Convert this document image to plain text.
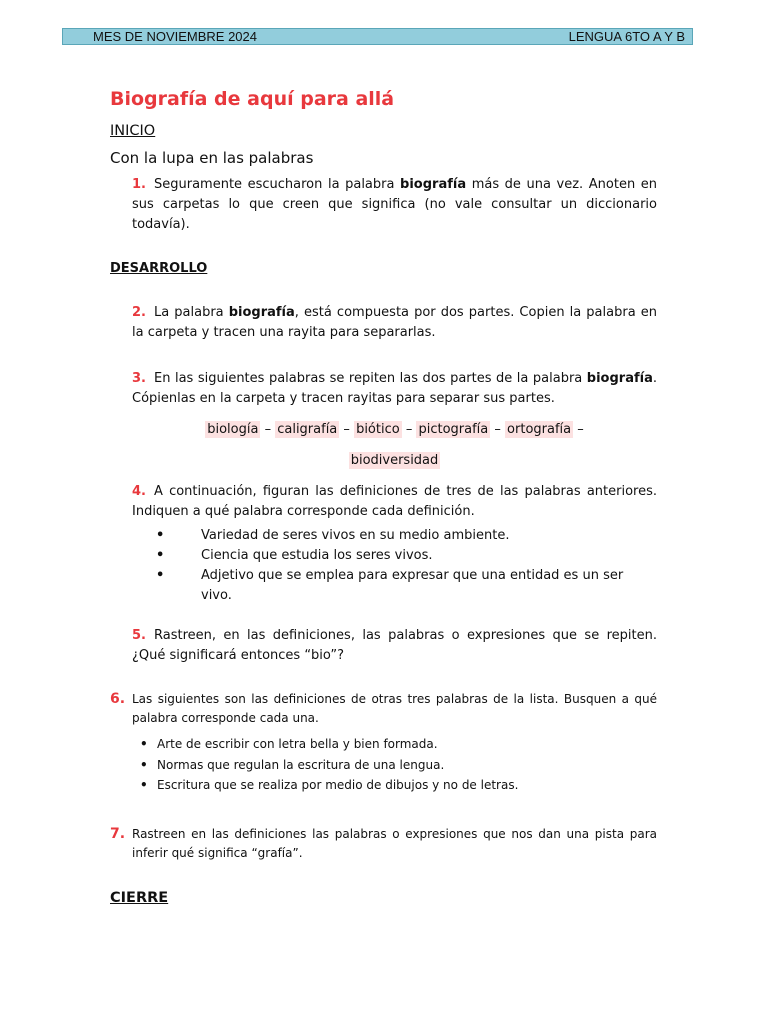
MES DE NOVIEMBRE 2024	LENGUA 6TO A Y B
Biografía de aquí para allá
INICIO
Con la lupa en las palabras
1. Seguramente escucharon la palabra biografía más de una vez. Anoten en sus carpetas lo que creen que significa (no vale consultar un diccionario todavía).
DESARROLLO
2. La palabra biografía, está compuesta por dos partes. Copien la palabra en la carpeta y tracen una rayita para separarlas.
3. En las siguientes palabras se repiten las dos partes de la palabra biografía. Cópienlas en la carpeta y tracen rayitas para separar sus partes.
biología – caligrafía – biótico – pictografía – ortografía –
biodiversidad
4. A continuación, figuran las definiciones de tres de las palabras anteriores. Indiquen a qué palabra corresponde cada definición.
•	Variedad de seres vivos en su medio ambiente.
•	Ciencia que estudia los seres vivos.
•	Adjetivo que se emplea para expresar que una entidad es un ser vivo.
5. Rastreen, en las definiciones, las palabras o expresiones que se repiten. ¿Qué significará entonces “bio”?
6. Las siguientes son las definiciones de otras tres palabras de la lista. Busquen a qué palabra corresponde cada una.
• Arte de escribir con letra bella y bien formada.
• Normas que regulan la escritura de una lengua.
• Escritura que se realiza por medio de dibujos y no de letras.
7. Rastreen en las definiciones las palabras o expresiones que nos dan una pista para inferir qué significa “grafía”.
CIERRE
